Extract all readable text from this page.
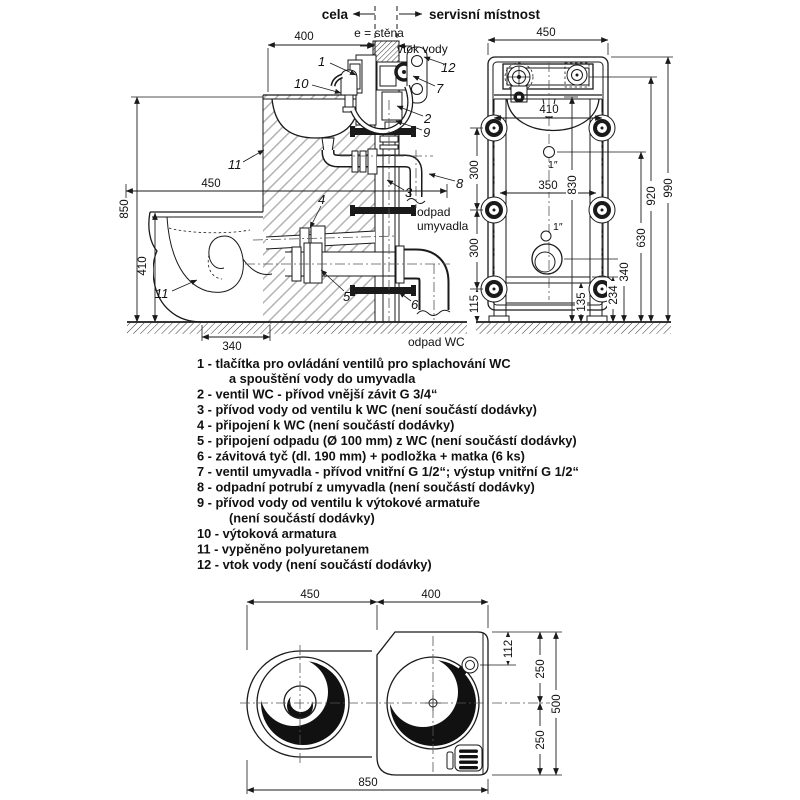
cela	servisní místnost
e = stěna
400
850
450
410
340
vtok vody
odpad
umyvadla
odpad WC
1
10
12
7
2
9
11
3
8
4
5
6
11
1″
1″
450
410
350
300
300
115
830
630
920 990
340
234
135
1 - tlačítka pro ovládání ventilů pro splachování WC
a spouštění vody do umyvadla
2 - ventil WC - přívod vnější závit G 3/4“
3 - přívod vody od ventilu k WC (není součástí dodávky)
4 - připojení k WC (není součástí dodávky)
5 - připojení odpadu (Ø 100 mm) z WC (není součástí dodávky)
6 - závitová tyč (dl. 190 mm) + podložka + matka (6 ks)
7 - ventil umyvadla - přívod vnitřní G 1/2“; výstup vnitřní G 1/2“
8 - odpadní potrubí z umyvadla (není součástí dodávky)
9 - přívod vody od ventilu k výtokové armatuře
(není součástí dodávky)
10 - výtoková armatura
11 - vypěněno polyuretanem
12 - vtok vody (není součástí dodávky)
450	400
112
250
250
500
850
